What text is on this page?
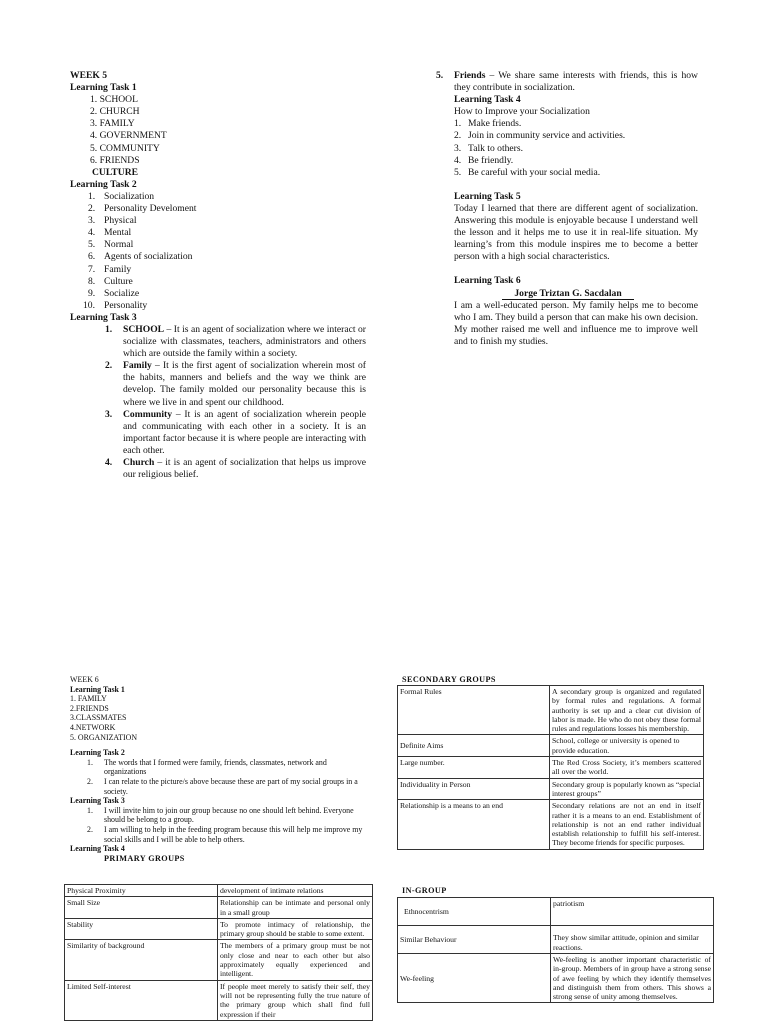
WEEK 5
Learning Task 1
1. SCHOOL
2. CHURCH
3. FAMILY
4. GOVERNMENT
5. COMMUNITY
6. FRIENDS
CULTURE
Learning Task 2
1. Socialization
2. Personality Develoment
3. Physical
4. Mental
5. Normal
6. Agents of socialization
7. Family
8. Culture
9. Socialize
10. Personality
Learning Task 3
1. SCHOOL – It is an agent of socialization where we interact or socialize with classmates, teachers, administrators and others which are outside the family within a society.
2. Family – It is the first agent of socialization wherein most of the habits, manners and beliefs and the way we think are develop. The family molded our personality because this is where we live in and spent our childhood.
3. Community – It is an agent of socialization wherein people and communicating with each other in a society. It is an important factor because it is where people are interacting with each other.
4. Church – it is an agent of socialization that helps us improve our religious belief.
5. Friends – We share same interests with friends, this is how they contribute in socialization.
Learning Task 4
How to Improve your Socialization
1. Make friends.
2. Join in community service and activities.
3. Talk to others.
4. Be friendly.
5. Be careful with your social media.
Learning Task 5
Today I learned that there are different agent of socialization. Answering this module is enjoyable because I understand well the lesson and it helps me to use it in real-life situation. My learning’s from this module inspires me to become a better person with a high social characteristics.
Learning Task 6
Jorge Triztan G. Sacdalan
I am a well-educated person. My family helps me to become who I am. They build a person that can make his own decision. My mother raised me well and influence me to improve well and to finish my studies.
WEEK 6
Learning Task 1
1. FAMILY
2.FRIENDS
3.CLASSMATES
4.NETWORK
5. ORGANIZATION
Learning Task 2
1. The words that I formed were family, friends, classmates, network and organizations
2. I can relate to the picture/s above because these are part of my social groups in a society.
Learning Task 3
1. I will invite him to join our group because no one should left behind. Everyone should be belong to a group.
2. I am willing to help in the feeding program because this will help me improve my social skills and I will be able to help others.
Learning Task 4
PRIMARY GROUPS
Physical Proximity	development of intimate relations
Small Size	Relationship can be intimate and personal only in a small group
Stability	To promote intimacy of relationship, the primary group should be stable to some extent.
Similarity of background	The members of a primary group must be not only close and near to each other but also approximately equally experienced and intelligent.
Limited Self-interest	If people meet merely to satisfy their self, they will not be representing fully the true nature of the primary group which shall find full expression if their
SECONDARY GROUPS
Formal Rules	A secondary group is organized and regulated by formal rules and regulations. A formal authority is set up and a clear cut division of labor is made. He who do not obey these formal rules and regulations losses his membership.
Definite Aims	School, college or university is opened to provide education.
Large number.	The Red Cross Society, it’s members scattered all over the world.
Individuality in Person	Secondary group is popularly known as “special interest groups”
Relationship is a means to an end	Secondary relations are not an end in itself rather it is a means to an end. Establishment of relationship is not an end rather individual establish relationship to fulfill his self-interest. They become friends for specific purposes.
IN-GROUP
Ethnocentrism	patriotism
Similar Behaviour	They show similar attitude, opinion and similar reactions.
We-feeling	We-feeling is another important characteristic of in-group. Members of in group have a strong sense of awe feeling by which they identify themselves and distinguish them from others. This shows a strong sense of unity among themselves.
